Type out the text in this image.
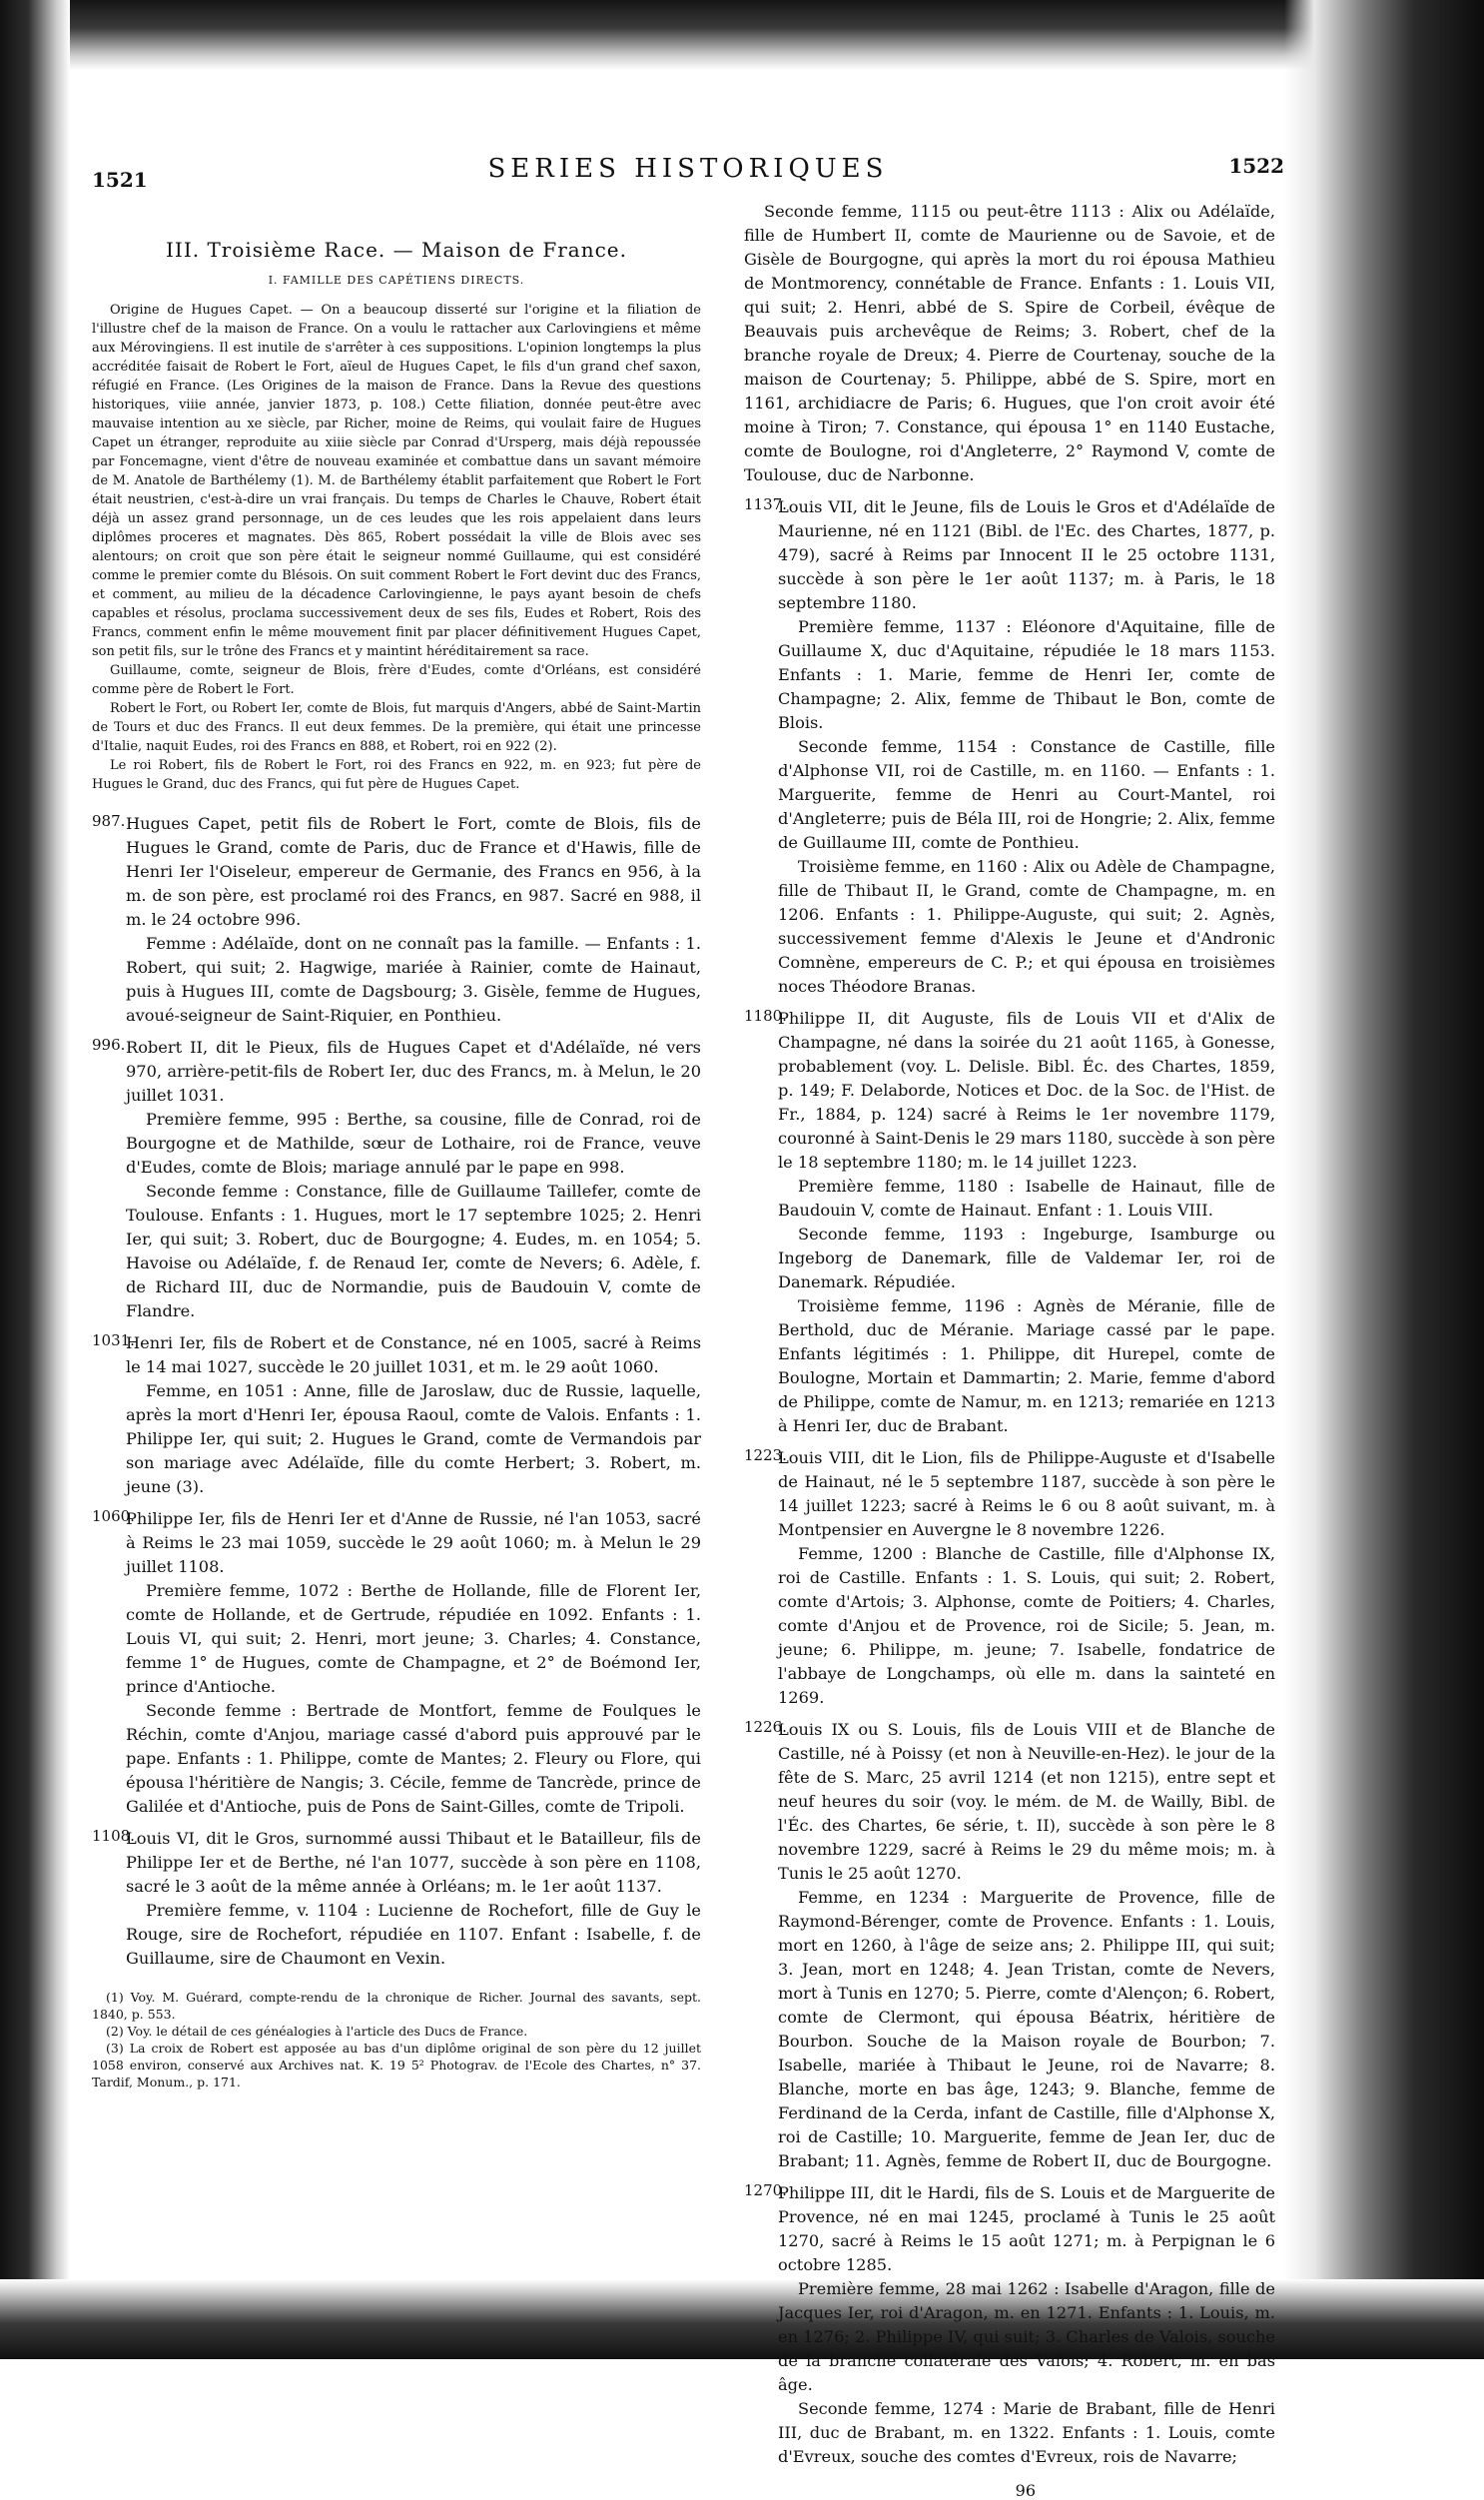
1521	SERIES HISTORIQUES	1522
III. Troisième Race. — Maison de France.
I. FAMILLE DES CAPÉTIENS DIRECTS.

Origine de Hugues Capet. — On a beaucoup disserté sur l'origine et la filiation de l'illustre chef de la maison de France. On a voulu le rattacher aux Carlovingiens et même aux Mérovingiens. Il est inutile de s'arrêter à ces suppositions. L'opinion longtemps la plus accréditée faisait de Robert le Fort, aïeul de Hugues Capet, le fils d'un grand chef saxon, réfugié en France. (Les Origines de la maison de France. Dans la Revue des questions historiques, viiie année, janvier 1873, p. 108.) Cette filiation, donnée peut-être avec mauvaise intention au xe siècle, par Richer, moine de Reims, qui voulait faire de Hugues Capet un étranger, reproduite au xiiie siècle par Conrad d'Ursperg, mais déjà repoussée par Foncemagne, vient d'être de nouveau examinée et combattue dans un savant mémoire de M. Anatole de Barthélemy (1). M. de Barthélemy établit parfaitement que Robert le Fort était neustrien, c'est-à-dire un vrai français. Du temps de Charles le Chauve, Robert était déjà un assez grand personnage, un de ces leudes que les rois appelaient dans leurs diplômes proceres et magnates. Dès 865, Robert possédait la ville de Blois avec ses alentours; on croit que son père était le seigneur nommé Guillaume, qui est considéré comme le premier comte du Blésois. On suit comment Robert le Fort devint duc des Francs, et comment, au milieu de la décadence Carlovingienne, le pays ayant besoin de chefs capables et résolus, proclama successivement deux de ses fils, Eudes et Robert, Rois des Francs, comment enfin le même mouvement finit par placer définitivement Hugues Capet, son petit fils, sur le trône des Francs et y maintint héréditairement sa race.

Guillaume, comte, seigneur de Blois, frère d'Eudes, comte d'Orléans, est considéré comme père de Robert le Fort.

Robert le Fort, ou Robert Ier, comte de Blois, fut marquis d'Angers, abbé de Saint-Martin de Tours et duc des Francs. Il eut deux femmes. De la première, qui était une princesse d'Italie, naquit Eudes, roi des Francs en 888, et Robert, roi en 922 (2).

Le roi Robert, fils de Robert le Fort, roi des Francs en 922, m. en 923; fut père de Hugues le Grand, duc des Francs, qui fut père de Hugues Capet.

987. Hugues Capet, petit fils de Robert le Fort, comte de Blois, fils de Hugues le Grand, comte de Paris, duc de France et d'Hawis, fille de Henri Ier l'Oiseleur, empereur de Germanie, des Francs en 956, à la m. de son père, est proclamé roi des Francs, en 987. Sacré en 988, il m. le 24 octobre 996.
Femme : Adélaïde, dont on ne connaît pas la famille. — Enfants : 1. Robert, qui suit; 2. Hagwige, mariée à Rainier, comte de Hainaut, puis à Hugues III, comte de Dagsbourg; 3. Gisèle, femme de Hugues, avoué-seigneur de Saint-Riquier, en Ponthieu.
996. Robert II, dit le Pieux, fils de Hugues Capet et d'Adélaïde, né vers 970, arrière-petit-fils de Robert Ier, duc des Francs, m. à Melun, le 20 juillet 1031.
Première femme, 995 : Berthe, sa cousine, fille de Conrad, roi de Bourgogne et de Mathilde, sœur de Lothaire, roi de France, veuve d'Eudes, comte de Blois; mariage annulé par le pape en 998.
Seconde femme : Constance, fille de Guillaume Taillefer, comte de Toulouse. Enfants : 1. Hugues, mort le 17 septembre 1025; 2. Henri Ier, qui suit; 3. Robert, duc de Bourgogne; 4. Eudes, m. en 1054; 5. Havoise ou Adélaïde, f. de Renaud Ier, comte de Nevers; 6. Adèle, f. de Richard III, duc de Normandie, puis de Baudouin V, comte de Flandre.
1031.
Henri Ier, fils de Robert et de Constance, né en 1005, sacré à Reims le 14 mai 1027, succède le 20 juillet 1031, et m. le 29 août 1060.
Femme, en 1051 : Anne, fille de Jaroslaw, duc de Russie, laquelle, après la mort d'Henri Ier, épousa Raoul, comte de Valois. Enfants : 1. Philippe Ier, qui suit; 2. Hugues le Grand, comte de Vermandois par son mariage avec Adélaïde, fille du comte Herbert; 3. Robert, m. jeune (3).
1060.
Philippe Ier, fils de Henri Ier et d'Anne de Russie, né l'an 1053, sacré à Reims le 23 mai 1059, succède le 29 août 1060; m. à Melun le 29 juillet 1108.
Première femme, 1072 : Berthe de Hollande, fille de Florent Ier, comte de Hollande, et de Gertrude, répudiée en 1092. Enfants : 1. Louis VI, qui suit; 2. Henri, mort jeune; 3. Charles; 4. Constance, femme 1° de Hugues, comte de Champagne, et 2° de Boémond Ier, prince d'Antioche.
Seconde femme : Bertrade de Montfort, femme de Foulques le Réchin, comte d'Anjou, mariage cassé d'abord puis approuvé par le pape. Enfants : 1. Philippe, comte de Mantes; 2. Fleury ou Flore, qui épousa l'héritière de Nangis; 3. Cécile, femme de Tancrède, prince de Galilée et d'Antioche, puis de Pons de Saint-Gilles, comte de Tripoli.
1108.
Louis VI, dit le Gros, surnommé aussi Thibaut et le Batailleur, fils de Philippe Ier et de Berthe, né l'an 1077, succède à son père en 1108, sacré le 3 août de la même année à Orléans; m. le 1er août 1137.
Première femme, v. 1104 : Lucienne de Rochefort, fille de Guy le Rouge, sire de Rochefort, répudiée en 1107. Enfant : Isabelle, f. de Guillaume, sire de Chaumont en Vexin.
(1) Voy. M. Guérard, compte-rendu de la chronique de Richer. Journal des savants, sept. 1840, p. 553.
(2) Voy. le détail de ces généalogies à l'article des Ducs de France.
(3) La croix de Robert est apposée au bas d'un diplôme original de son père du 12 juillet 1058 environ, conservé aux Archives nat. K. 19 5² Photograv. de l'Ecole des Chartes, n° 37. Tardif, Monum., p. 171.
Seconde femme, 1115 ou peut-être 1113 : Alix ou Adélaïde, fille de Humbert II, comte de Maurienne ou de Savoie, et de Gisèle de Bourgogne, qui après la mort du roi épousa Mathieu de Montmorency, connétable de France. Enfants : 1. Louis VII, qui suit; 2. Henri, abbé de S. Spire de Corbeil, évêque de Beauvais puis archevêque de Reims; 3. Robert, chef de la branche royale de Dreux; 4. Pierre de Courtenay, souche de la maison de Courtenay; 5. Philippe, abbé de S. Spire, mort en 1161, archidiacre de Paris; 6. Hugues, que l'on croit avoir été moine à Tiron; 7. Constance, qui épousa 1° en 1140 Eustache, comte de Boulogne, roi d'Angleterre, 2° Raymond V, comte de Toulouse, duc de Narbonne.
1137.
Louis VII, dit le Jeune, fils de Louis le Gros et d'Adélaïde de Maurienne, né en 1121 (Bibl. de l'Ec. des Chartes, 1877, p. 479), sacré à Reims par Innocent II le 25 octobre 1131, succède à son père le 1er août 1137; m. à Paris, le 18 septembre 1180.
Première femme, 1137 : Eléonore d'Aquitaine, fille de Guillaume X, duc d'Aquitaine, répudiée le 18 mars 1153. Enfants : 1. Marie, femme de Henri Ier, comte de Champagne; 2. Alix, femme de Thibaut le Bon, comte de Blois.
Seconde femme, 1154 : Constance de Castille, fille d'Alphonse VII, roi de Castille, m. en 1160. — Enfants : 1. Marguerite, femme de Henri au Court-Mantel, roi d'Angleterre; puis de Béla III, roi de Hongrie; 2. Alix, femme de Guillaume III, comte de Ponthieu.
Troisième femme, en 1160 : Alix ou Adèle de Champagne, fille de Thibaut II, le Grand, comte de Champagne, m. en 1206. Enfants : 1. Philippe-Auguste, qui suit; 2. Agnès, successivement femme d'Alexis le Jeune et d'Andronic Comnène, empereurs de C. P.; et qui épousa en troisièmes noces Théodore Branas.
1180.
Philippe II, dit Auguste, fils de Louis VII et d'Alix de Champagne, né dans la soirée du 21 août 1165, à Gonesse, probablement (voy. L. Delisle. Bibl. Éc. des Chartes, 1859, p. 149; F. Delaborde, Notices et Doc. de la Soc. de l'Hist. de Fr., 1884, p. 124) sacré à Reims le 1er novembre 1179, couronné à Saint-Denis le 29 mars 1180, succède à son père le 18 septembre 1180; m. le 14 juillet 1223.
Première femme, 1180 : Isabelle de Hainaut, fille de Baudouin V, comte de Hainaut. Enfant : 1. Louis VIII.
Seconde femme, 1193 : Ingeburge, Isamburge ou Ingeborg de Danemark, fille de Valdemar Ier, roi de Danemark. Répudiée.
Troisième femme, 1196 : Agnès de Méranie, fille de Berthold, duc de Méranie. Mariage cassé par le pape. Enfants légitimés : 1. Philippe, dit Hurepel, comte de Boulogne, Mortain et Dammartin; 2. Marie, femme d'abord de Philippe, comte de Namur, m. en 1213; remariée en 1213 à Henri Ier, duc de Brabant.
1223.
Louis VIII, dit le Lion, fils de Philippe-Auguste et d'Isabelle de Hainaut, né le 5 septembre 1187, succède à son père le 14 juillet 1223; sacré à Reims le 6 ou 8 août suivant, m. à Montpensier en Auvergne le 8 novembre 1226.
Femme, 1200 : Blanche de Castille, fille d'Alphonse IX, roi de Castille. Enfants : 1. S. Louis, qui suit; 2. Robert, comte d'Artois; 3. Alphonse, comte de Poitiers; 4. Charles, comte d'Anjou et de Provence, roi de Sicile; 5. Jean, m. jeune; 6. Philippe, m. jeune; 7. Isabelle, fondatrice de l'abbaye de Longchamps, où elle m. dans la sainteté en 1269.
1226.
Louis IX ou S. Louis, fils de Louis VIII et de Blanche de Castille, né à Poissy (et non à Neuville-en-Hez). le jour de la fête de S. Marc, 25 avril 1214 (et non 1215), entre sept et neuf heures du soir (voy. le mém. de M. de Wailly, Bibl. de l'Éc. des Chartes, 6e série, t. II), succède à son père le 8 novembre 1229, sacré à Reims le 29 du même mois; m. à Tunis le 25 août 1270.
Femme, en 1234 : Marguerite de Provence, fille de Raymond-Bérenger, comte de Provence. Enfants : 1. Louis, mort en 1260, à l'âge de seize ans; 2. Philippe III, qui suit; 3. Jean, mort en 1248; 4. Jean Tristan, comte de Nevers, mort à Tunis en 1270; 5. Pierre, comte d'Alençon; 6. Robert, comte de Clermont, qui épousa Béatrix, héritière de Bourbon. Souche de la Maison royale de Bourbon; 7. Isabelle, mariée à Thibaut le Jeune, roi de Navarre; 8. Blanche, morte en bas âge, 1243; 9. Blanche, femme de Ferdinand de la Cerda, infant de Castille, fille d'Alphonse X, roi de Castille; 10. Marguerite, femme de Jean Ier, duc de Brabant; 11. Agnès, femme de Robert II, duc de Bourgogne.
1270.
Philippe III, dit le Hardi, fils de S. Louis et de Marguerite de Provence, né en mai 1245, proclamé à Tunis le 25 août 1270, sacré à Reims le 15 août 1271; m. à Perpignan le 6 octobre 1285.
Première femme, 28 mai 1262 : Isabelle d'Aragon, fille de Jacques Ier, roi d'Aragon, m. en 1271. Enfants : 1. Louis, m. en 1276; 2. Philippe IV, qui suit; 3. Charles de Valois, souche de la branche collatérale des Valois; 4. Robert, m. en bas âge.
Seconde femme, 1274 : Marie de Brabant, fille de Henri III, duc de Brabant, m. en 1322. Enfants : 1. Louis, comte d'Evreux, souche des comtes d'Evreux, rois de Navarre;
96
